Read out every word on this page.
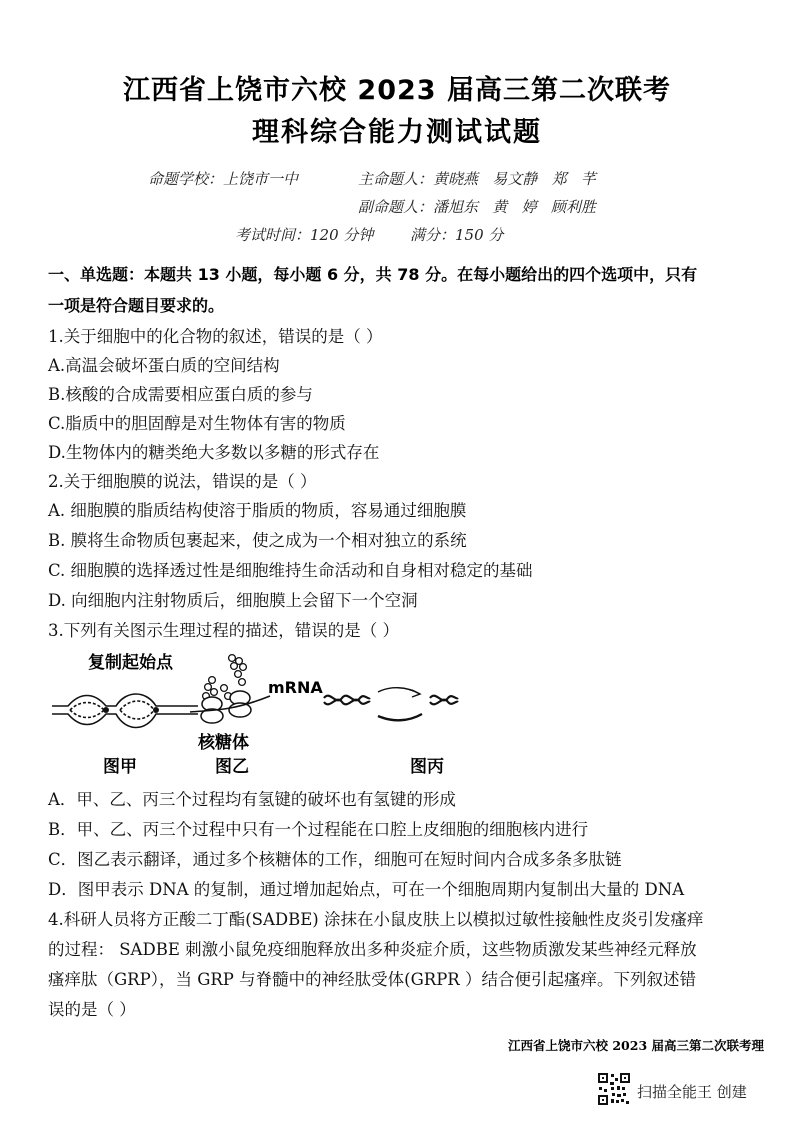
江西省上饶市六校 2023 届高三第二次联考
理科综合能力测试试题
命题学校：上饶市一中	主命题人：黄晓燕   易文静   郑   芊
副命题人：潘旭东   黄   婷   顾利胜
考试时间：120 分钟 满分：150 分
一、单选题：本题共 13 小题，每小题 6 分，共 78 分。在每小题给出的四个选项中，只有
一项是符合题目要求的。
1.关于细胞中的化合物的叙述，错误的是（ ）
A.高温会破坏蛋白质的空间结构
B.核酸的合成需要相应蛋白质的参与
C.脂质中的胆固醇是对生物体有害的物质
D.生物体内的糖类绝大多数以多糖的形式存在
2.关于细胞膜的说法，错误的是（ ）
A. 细胞膜的脂质结构使溶于脂质的物质，容易通过细胞膜
B. 膜将生命物质包裹起来，使之成为一个相对独立的系统
C. 细胞膜的选择透过性是细胞维持生命活动和自身相对稳定的基础
D. 向细胞内注射物质后，细胞膜上会留下一个空洞
3.下列有关图示生理过程的描述，错误的是（ ）
复制起始点
mRNA
核糖体
图甲	图乙	图丙
A．甲、乙、丙三个过程均有氢键的破坏也有氢键的形成
B．甲、乙、丙三个过程中只有一个过程能在口腔上皮细胞的细胞核内进行
C．图乙表示翻译，通过多个核糖体的工作，细胞可在短时间内合成多条多肽链
D．图甲表示 DNA 的复制，通过增加起始点，可在一个细胞周期内复制出大量的 DNA
4.科研人员将方正酸二丁酯(SADBE) 涂抹在小鼠皮肤上以模拟过敏性接触性皮炎引发瘙痒
的过程： SADBE 刺激小鼠免疫细胞释放出多种炎症介质，这些物质激发某些神经元释放
瘙痒肽（GRP），当 GRP 与脊髓中的神经肽受体(GRPR ）结合便引起瘙痒。下列叙述错
误的是（ ）
江西省上饶市六校 2023 届高三第二次联考理
扫描全能王 创建
